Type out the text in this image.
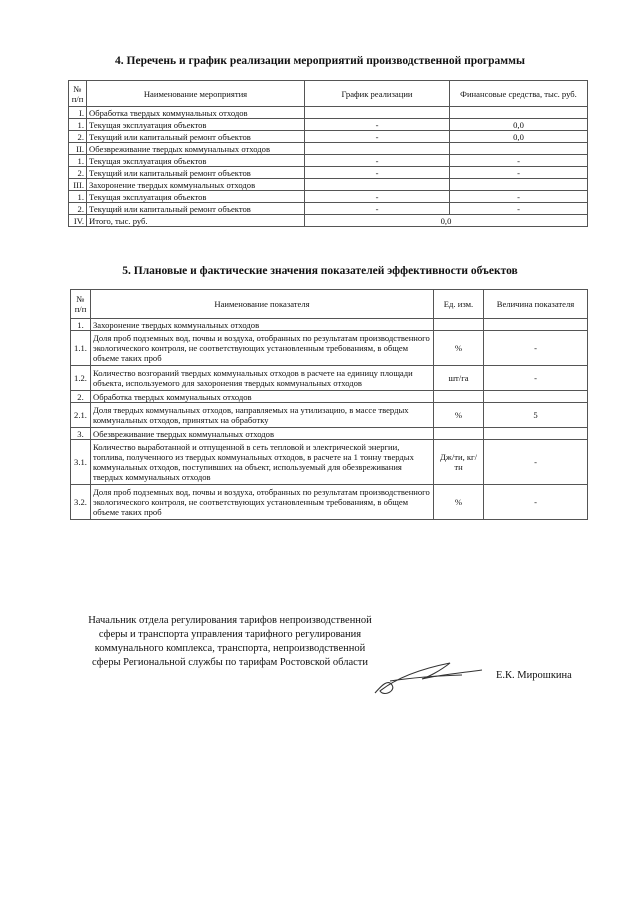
4. Перечень и график реализации мероприятий производственной программы
№ п/п	Наименование мероприятия	График реализации	Финансовые средства, тыс. руб.
I.	Обработка твердых коммунальных отходов		
1.	Текущая эксплуатация объектов	-	0,0
2.	Текущий или капитальный ремонт объектов	-	0,0
II.	Обезвреживание твердых коммунальных отходов		
1.	Текущая эксплуатация объектов	-	-
2.	Текущий или капитальный ремонт объектов	-	-
III.	Захоронение твердых коммунальных отходов		
1.	Текущая эксплуатация объектов	-	-
2.	Текущий или капитальный ремонт объектов	-	-
IV.	Итого, тыс. руб.	0,0	
5. Плановые и фактические значения показателей эффективности объектов
№ п/п	Наименование показателя	Ед. изм.	Величина показателя
1.	Захоронение твердых коммунальных отходов		
1.1.	Доля проб подземных вод, почвы и воздуха, отобранных по результатам производственного экологического контроля, не соответствующих установленным требованиям, в общем объеме таких проб	%	-
1.2.	Количество возгораний твердых коммунальных отходов в расчете на единицу площади объекта, используемого для захоронения твердых коммунальных отходов	шт/га	-
2.	Обработка твердых коммунальных отходов		
2.1.	Доля твердых коммунальных отходов, направляемых на утилизацию, в массе твердых коммунальных отходов, принятых на обработку	%	5
3.	Обезвреживание твердых коммунальных отходов		
3.1.	Количество выработанной и отпущенной в сеть тепловой и электрической энергии, топлива, полученного из твердых коммунальных отходов, в расчете на 1 тонну твердых коммунальных отходов, поступивших на объект, используемый для обезвреживания твердых коммунальных отходов	Дж/ти, кг/тн	-
3.2.	Доля проб подземных вод, почвы и воздуха, отобранных по результатам производственного экологического контроля, не соответствующих установленным требованиям, в общем объеме таких проб	%	-
Начальник отдела регулирования тарифов непроизводственной сферы и транспорта управления тарифного регулирования коммунального комплекса, транспорта, непроизводственной сферы Региональной службы по тарифам Ростовской области
Е.К. Мирошкина
